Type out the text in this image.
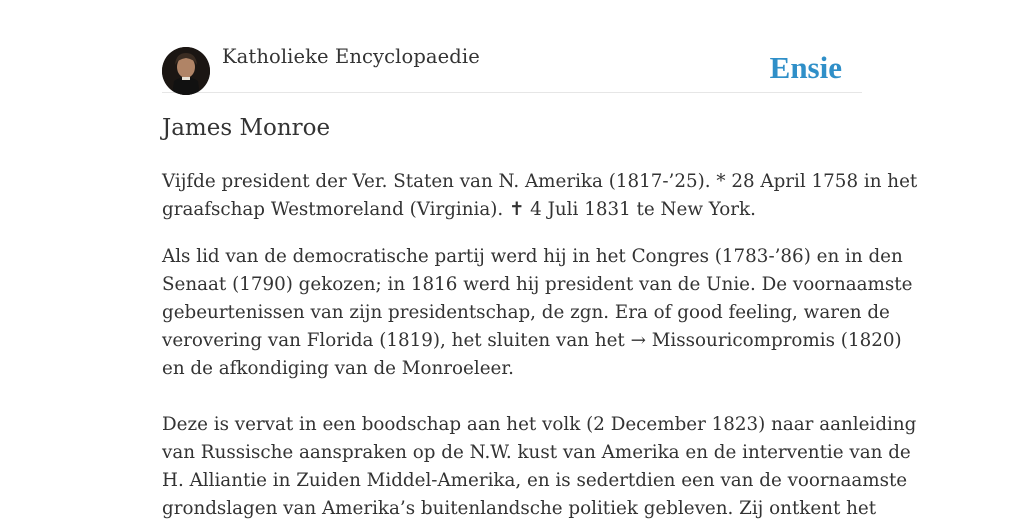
Katholieke Encyclopaedie	Ensie
James Monroe
Vijfde president der Ver. Staten van N. Amerika (1817-’25). * 28 April 1758 in het
graafschap Westmoreland (Virginia). ✝ 4 Juli 1831 te New York.
Als lid van de democratische partij werd hij in het Congres (1783-’86) en in den
Senaat (1790) gekozen; in 1816 werd hij president van de Unie. De voornaamste
gebeurtenissen van zijn presidentschap, de zgn. Era of good feeling, waren de
verovering van Florida (1819), het sluiten van het → Missouricompromis (1820)
en de afkondiging van de Monroeleer.
Deze is vervat in een boodschap aan het volk (2 December 1823) naar aanleiding
van Russische aanspraken op de N.W. kust van Amerika en de interventie van de
H. Alliantie in Zuiden Middel-Amerika, en is sedertdien een van de voornaamste
grondslagen van Amerika’s buitenlandsche politiek gebleven. Zij ontkent het
